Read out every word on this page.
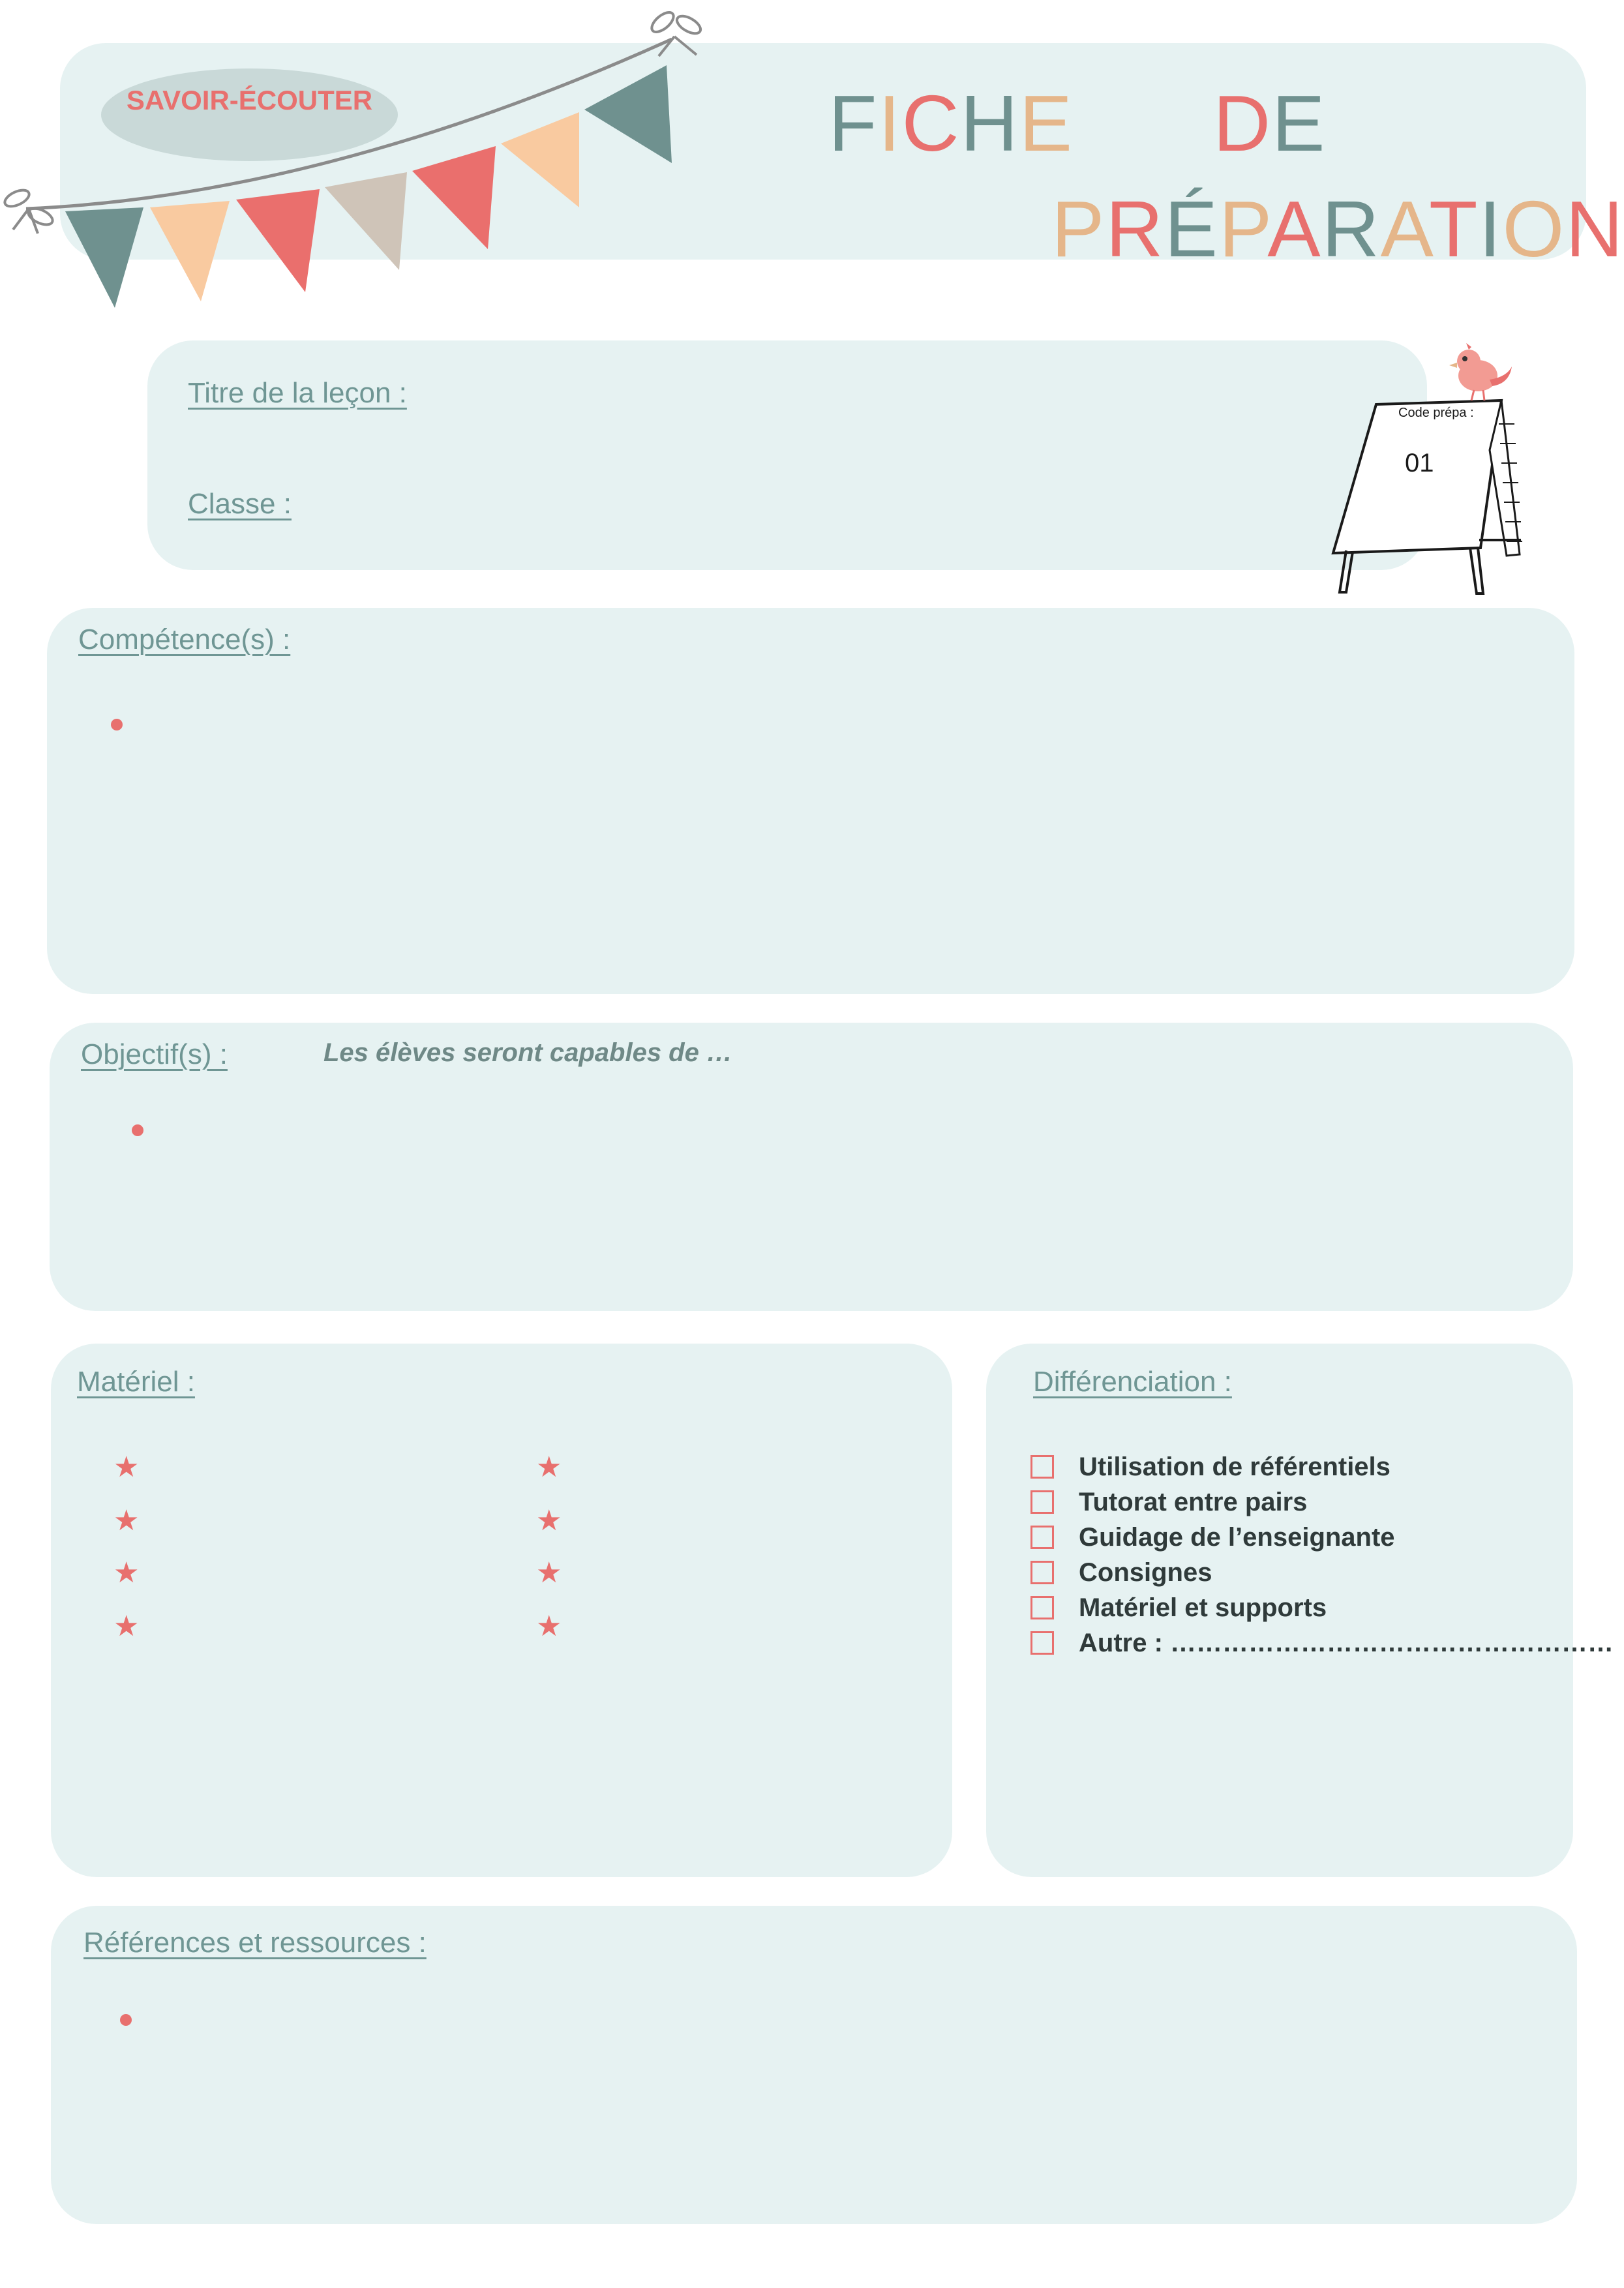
SAVOIR-ÉCOUTER	FICHE DE
PRÉPARATION
Titre de la leçon :
Classe :
Code prépa :
01
Compétence(s) :
Objectif(s) :	Les élèves seront capables de …
Matériel :
★
★
★
★
★
★
★
★
Différenciation :
Utilisation de référentiels
Tutorat entre pairs
Guidage de l’enseignante
Consignes
Matériel et supports
Autre : ……………………………………………
Références et ressources :
